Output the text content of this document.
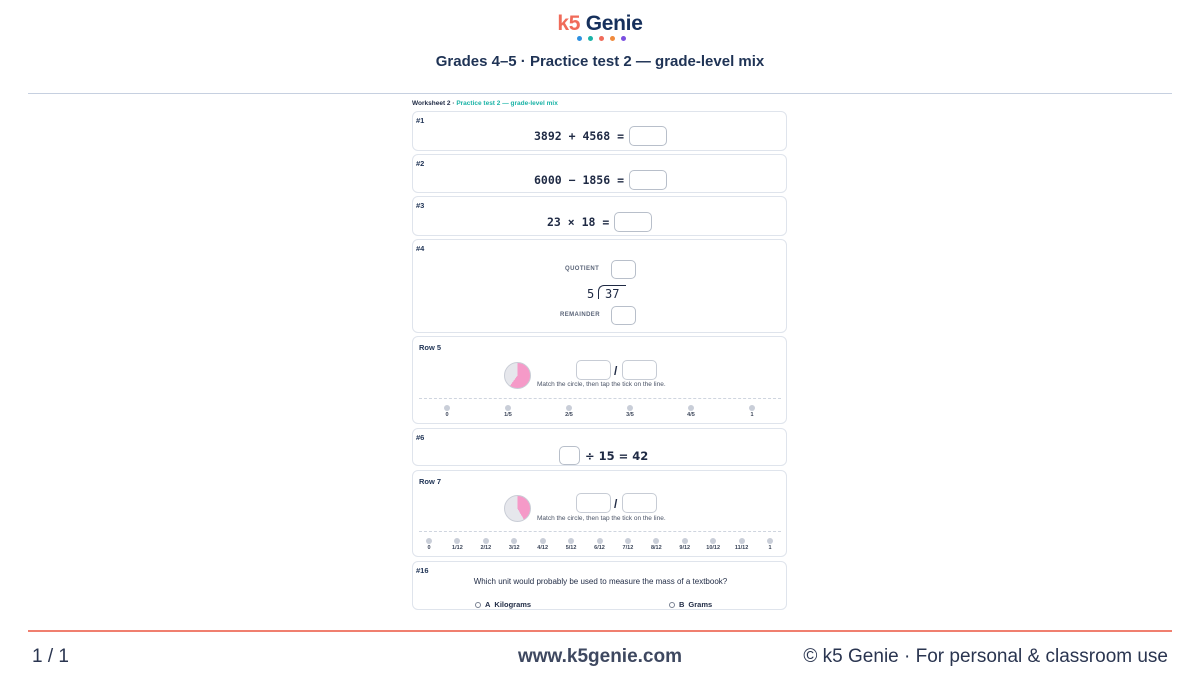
k5 Genie
Grades 4–5 · Practice test 2 — grade-level mix
Worksheet 2 · Practice test 2 — grade-level mix
#1
3892 + 4568 =
#2
6000 − 1856 =
#3
23 × 18 =
#4
QUOTIENT
5 37
REMAINDER
Row 5
/
Match the circle, then tap the tick on the line.
0	1/5	2/5	3/5	4/5	1
#6
÷ 15 = 42
Row 7
/
Match the circle, then tap the tick on the line.
0	1/12	2/12	3/12	4/12	5/12	6/12	7/12	8/12	9/12	10/12	11/12	1
#16
Which unit would probably be used to measure the mass of a textbook?
A Kilograms	B Grams
1 / 1	www.k5genie.com	© k5 Genie · For personal & classroom use
